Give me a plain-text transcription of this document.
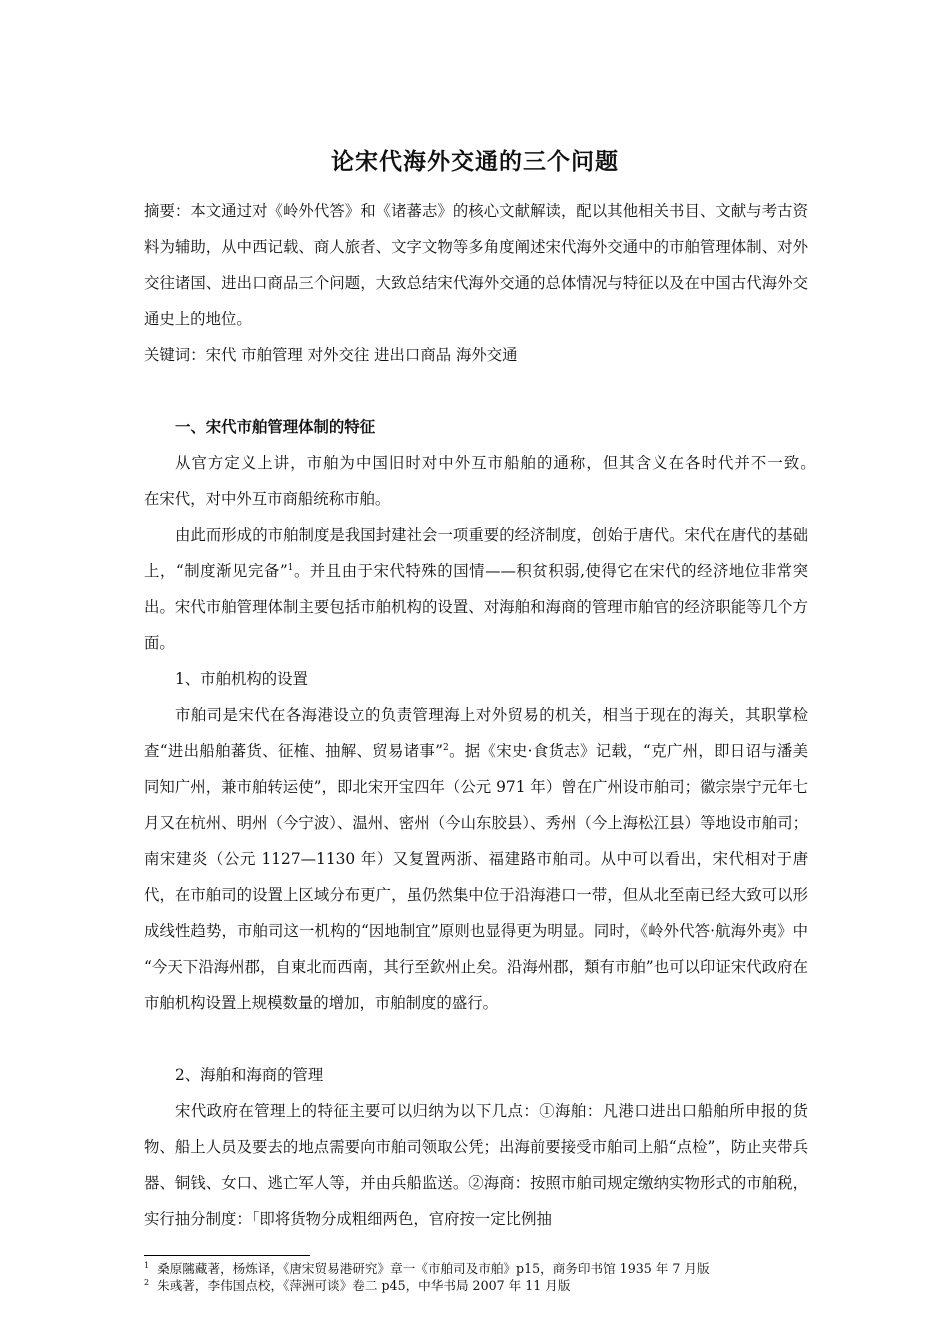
论宋代海外交通的三个问题

摘要：本文通过对《岭外代答》和《诸蕃志》的核心文献解读，配以其他相关书目、文献与考古资料为辅助，从中西记载、商人旅者、文字文物等多角度阐述宋代海外交通中的市舶管理体制、对外交往诸国、进出口商品三个问题，大致总结宋代海外交通的总体情况与特征以及在中国古代海外交通史上的地位。

关键词：宋代 市舶管理 对外交往 进出口商品 海外交通
一、宋代市舶管理体制的特征

从官方定义上讲，市舶为中国旧时对中外互市船舶的通称，但其含义在各时代并不一致。　　在宋代，对中外互市商船统称市舶。

由此而形成的市舶制度是我国封建社会一项重要的经济制度，创始于唐代。宋代在唐代的基础上，“制度渐见完备”$^1$。并且由于宋代特殊的国情——积贫积弱,使得它在宋代的经济地位非常突出。宋代市舶管理体制主要包括市舶机构的设置、对海舶和海商的管理市舶官的经济职能等几个方面。

1、市舶机构的设置

市舶司是宋代在各海港设立的负责管理海上对外贸易的机关，相当于现在的海关，其职掌检查“进出船舶蕃货、征榷、抽解、贸易诸事”$^2$。据《宋史·食货志》记载，“克广州，即日诏与潘美同知广州，兼市舶转运使”，即北宋开宝四年（公元 971 年）曾在广州设市舶司；徽宗崇宁元年七月又在杭州、明州（今宁波）、温州、密州（今山东胶县）、秀州（今上海松江县）等地设市舶司；南宋建炎（公元 1127—1130 年）又复置两浙、福建路市舶司。从中可以看出，宋代相对于唐代，在市舶司的设置上区域分布更广，虽仍然集中位于沿海港口一带，但从北至南已经大致可以形成线性趋势，市舶司这一机构的“因地制宜”原则也显得更为明显。同时，《岭外代答·航海外夷》中 “今天下沿海州郡，自東北而西南，其行至欽州止矣。沿海州郡，類有市舶”也可以印证宋代政府在市舶机构设置上规模数量的增加，市舶制度的盛行。

2、海舶和海商的管理

宋代政府在管理上的特征主要可以归纳为以下几点：①海舶：凡港口进出口船舶所申报的货物、船上人员及要去的地点需要向市舶司领取公凭；出海前要接受市舶司上船“点检”，防止夹带兵器、铜钱、女口、逃亡军人等，并由兵船监送。②海商：按照市舶司规定缴纳实物形式的市舶税，实行抽分制度：「即将货物分成粗细两色，官府按一定比例抽

$^1$ 桑原隲藏著，杨炼译，《唐宋贸易港研究》章一《市舶司及市舶》p15，商务印书馆 1935 年 7 月版
$^2$ 朱彧著，李伟国点校，《萍洲可谈》卷二 p45，中华书局 2007 年 11 月版
